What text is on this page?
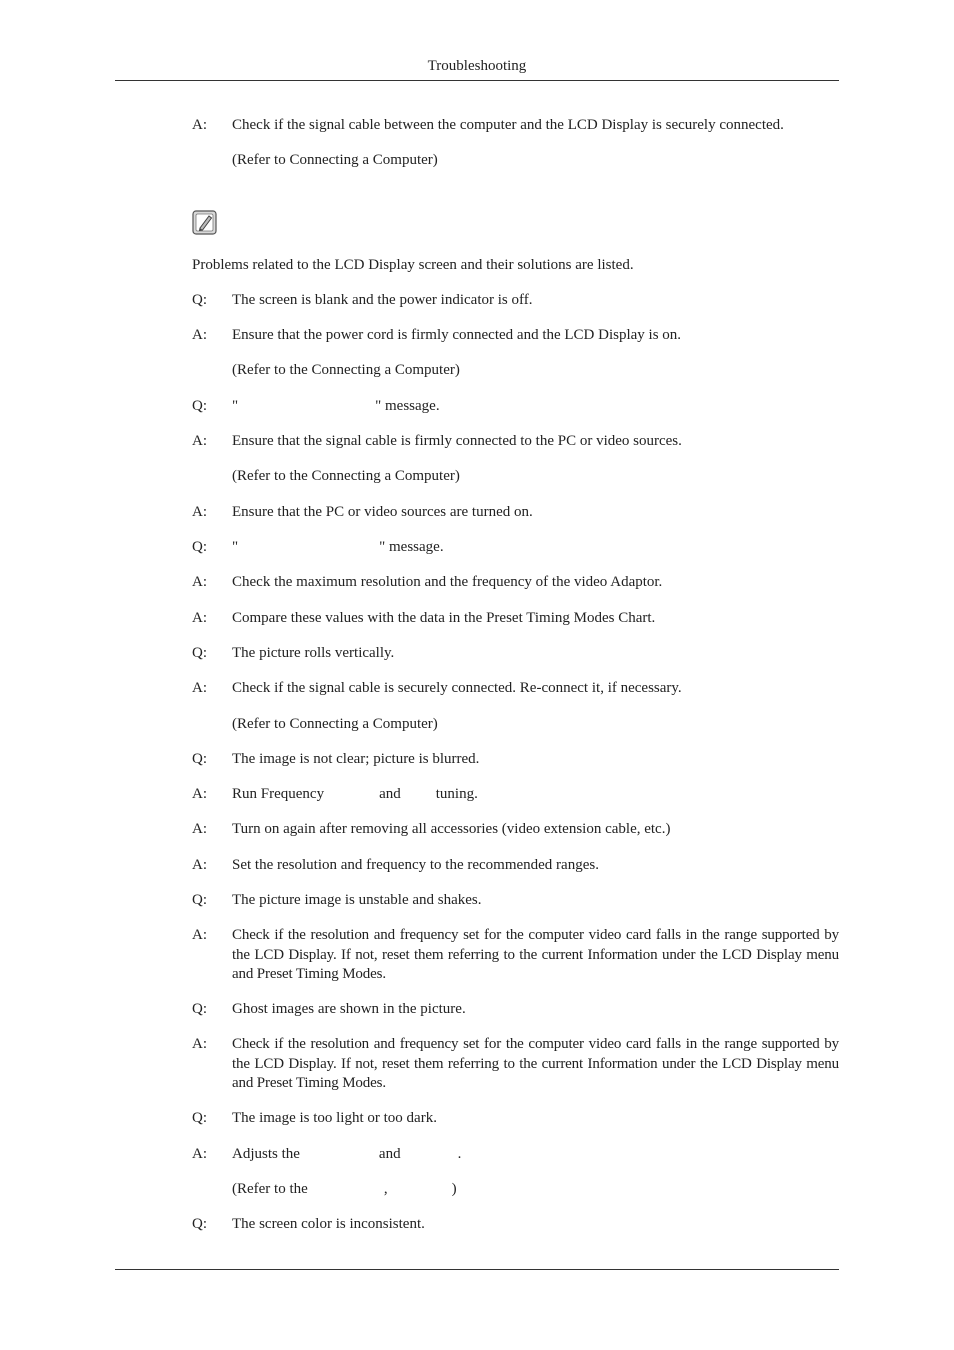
Troubleshooting
A:	Check if the signal cable between the computer and the LCD Display is securely connected.
(Refer to Connecting a Computer)
Problems related to the LCD Display screen and their solutions are listed.
Q:	The screen is blank and the power indicator is off.
A:	Ensure that the power cord is firmly connected and the LCD Display is on.
(Refer to the Connecting a Computer)
Q:	"	" message.
A:	Ensure that the signal cable is firmly connected to the PC or video sources.
(Refer to the Connecting a Computer)
A:	Ensure that the PC or video sources are turned on.
Q:	"	" message.
A:	Check the maximum resolution and the frequency of the video Adaptor.
A:	Compare these values with the data in the Preset Timing Modes Chart.
Q:	The picture rolls vertically.
A:	Check if the signal cable is securely connected. Re-connect it, if necessary.
(Refer to Connecting a Computer)
Q:	The image is not clear; picture is blurred.
A:	Run Frequency	and tuning.
A:	Turn on again after removing all accessories (video extension cable, etc.)
A:	Set the resolution and frequency to the recommended ranges.
Q:	The picture image is unstable and shakes.
A:	Check if the resolution and frequency set for the computer video card falls in the range supported by the LCD Display. If not, reset them referring to the current Information under the LCD Display menu and Preset Timing Modes.
Q:	Ghost images are shown in the picture.
A:	Check if the resolution and frequency set for the computer video card falls in the range supported by the LCD Display. If not, reset them referring to the current Information under the LCD Display menu and Preset Timing Modes.
Q:	The image is too light or too dark.
A:	Adjusts the	and	.
(Refer to the	,	)
Q:	The screen color is inconsistent.
